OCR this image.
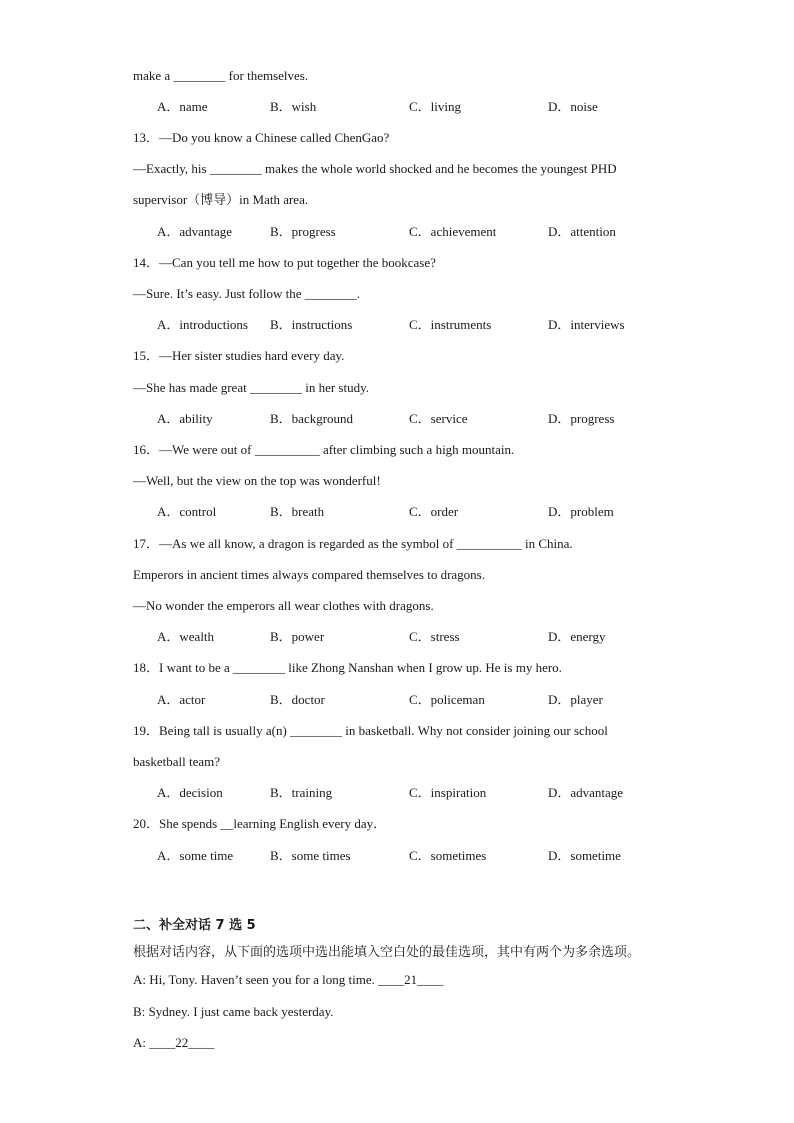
make a ________ for themselves.
A．name	B．wish	C．living	D．noise
13．—Do you know a Chinese called ChenGao?
—Exactly, his ________ makes the whole world shocked and he becomes the youngest PHD
supervisor（博导）in Math area.
A．advantage	B．progress	C．achievement	D．attention
14．—Can you tell me how to put together the bookcase?
—Sure. It’s easy. Just follow the ________.
A．introductions B．instructions	C．instruments	D．interviews
15．—Her sister studies hard every day.
—She has made great ________ in her study.
A．ability	B．background	C．service	D．progress
16．—We were out of __________ after climbing such a high mountain.
—Well, but the view on the top was wonderful!
A．control	B．breath	C．order	D．problem
17．—As we all know, a dragon is regarded as the symbol of __________ in China.
Emperors in ancient times always compared themselves to dragons.
—No wonder the emperors all wear clothes with dragons.
A．wealth	B．power	C．stress	D．energy
18．I want to be a ________ like Zhong Nanshan when I grow up. He is my hero.
A．actor	B．doctor	C．policeman	D．player
19．Being tall is usually a(n) ________ in basketball. Why not consider joining our school
basketball team?
A．decision	B．training	C．inspiration	D．advantage
20．She spends __learning English every day．
A．some time	B．some times	C．sometimes	D．sometime
二、补全对话 7 选 5
根据对话内容，从下面的选项中选出能填入空白处的最佳选项，其中有两个为多余选项。
A: Hi, Tony. Haven’t seen you for a long time. ____21____
B: Sydney. I just came back yesterday.
A: ____22____
